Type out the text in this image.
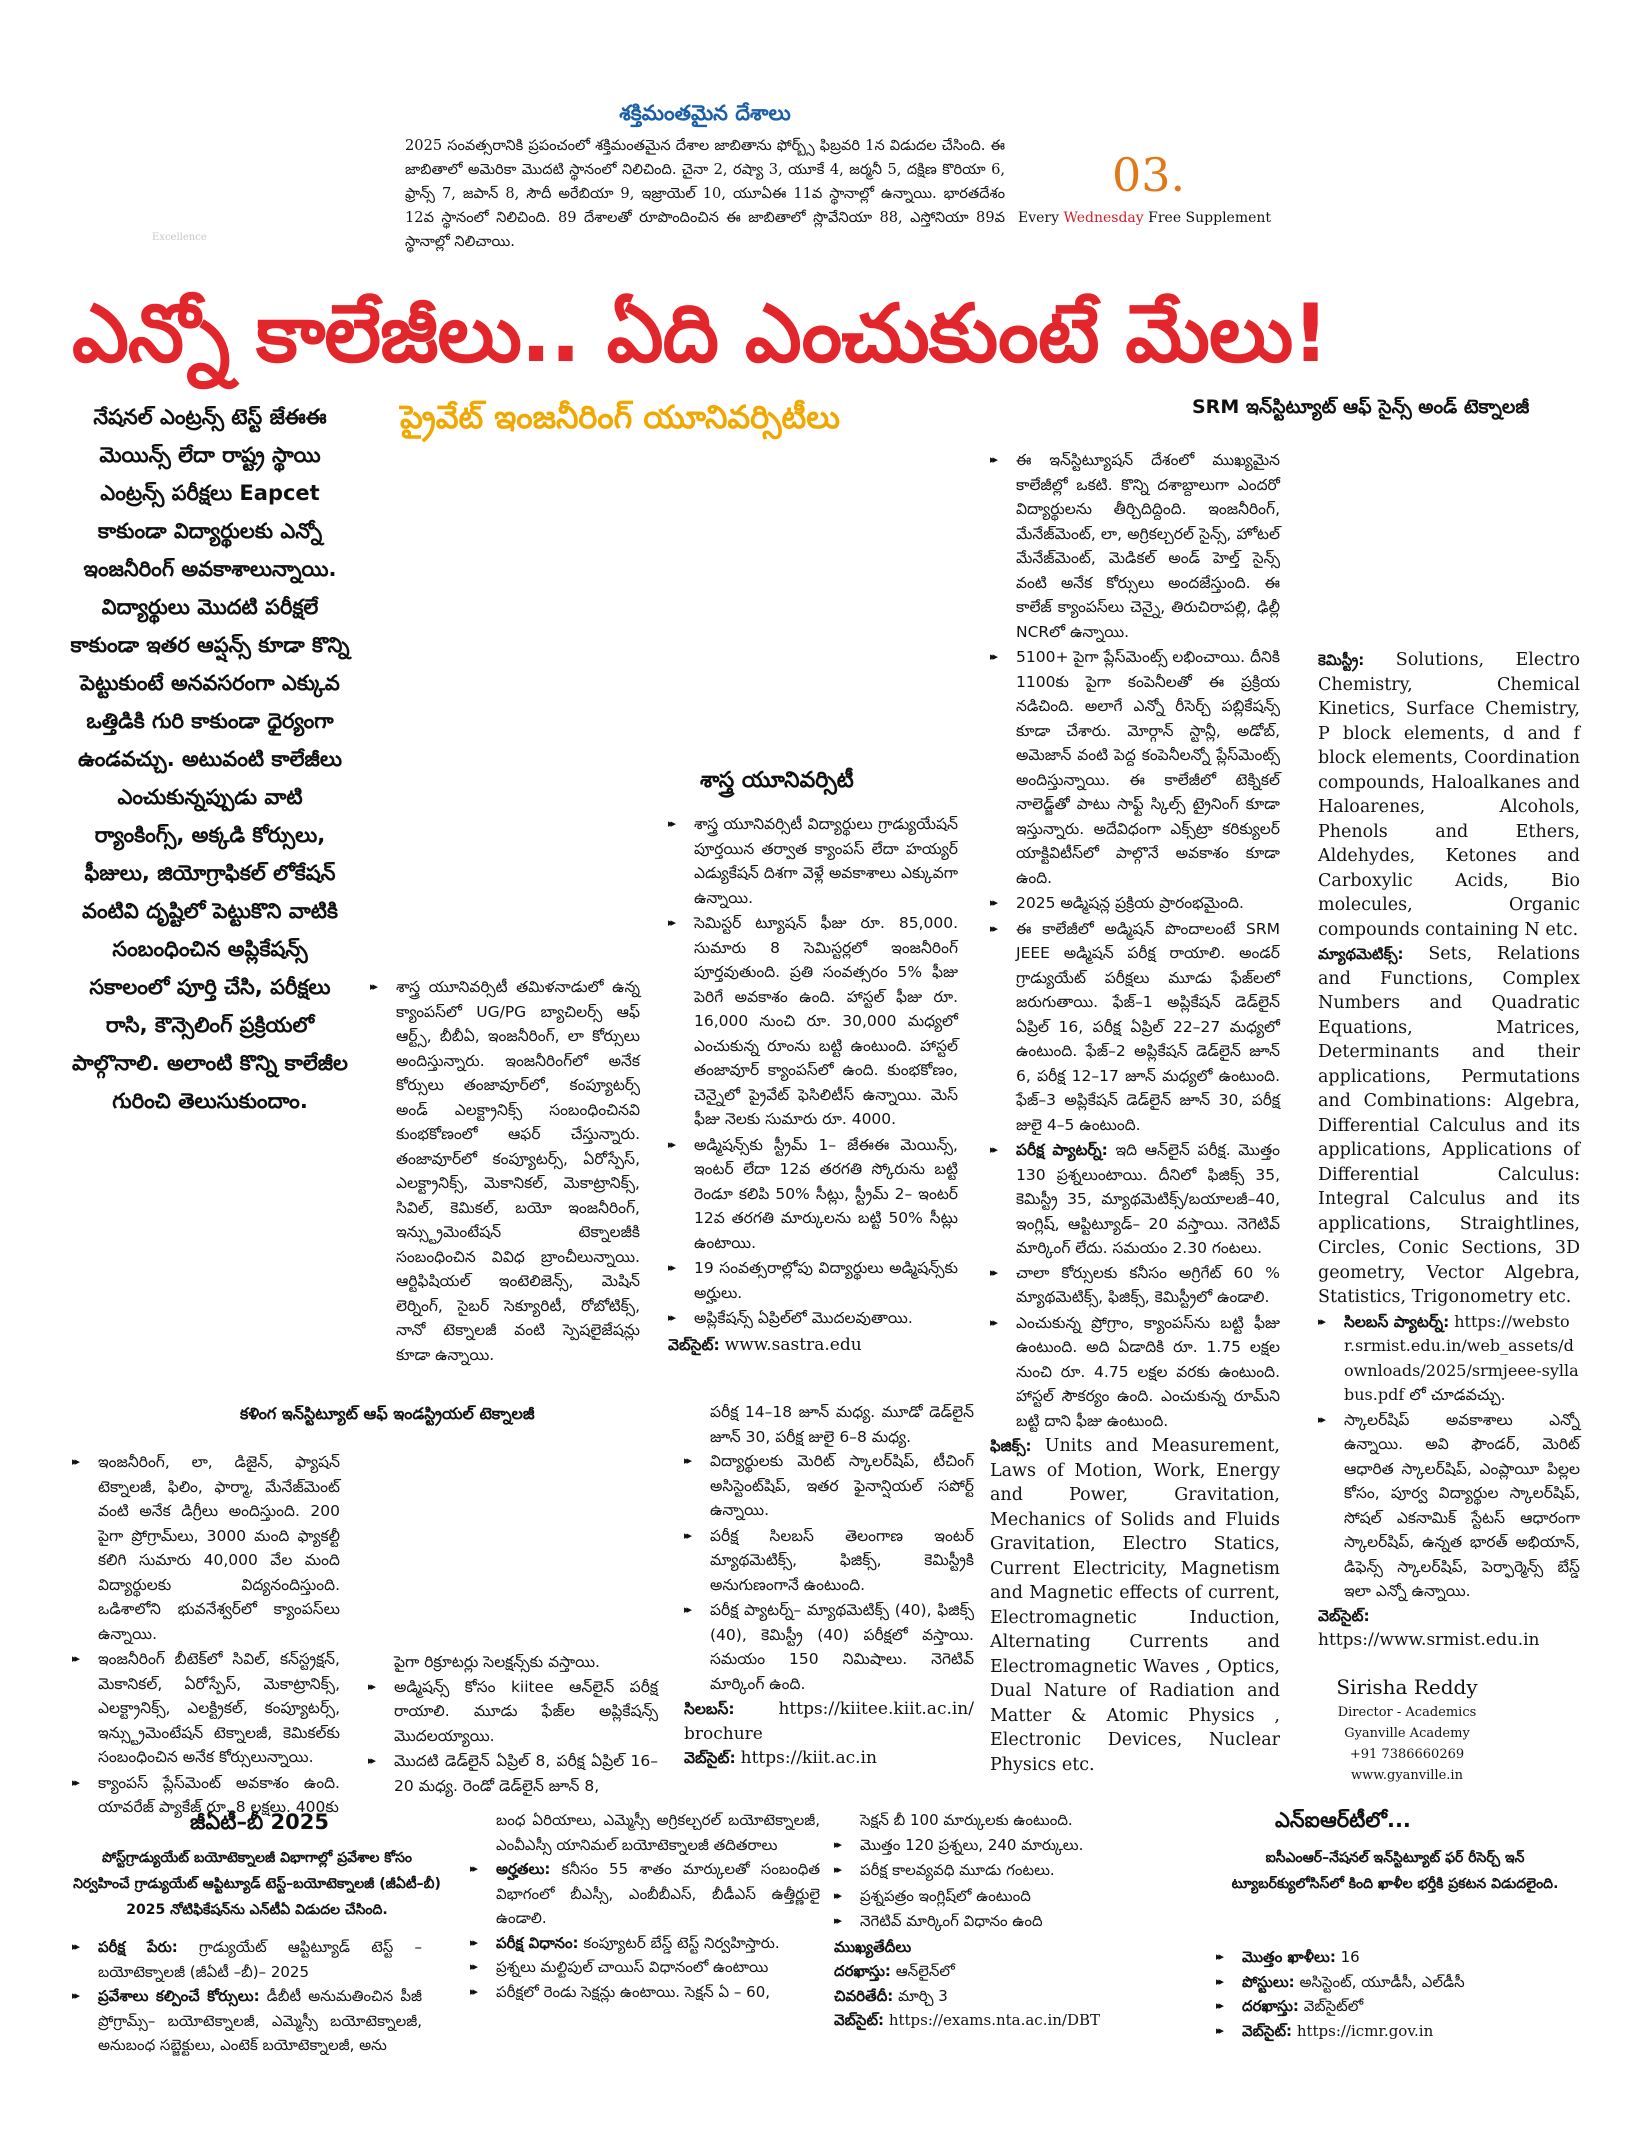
శక్తిమంతమైన దేశాలు
2025 సంవత్సరానికి ప్రపంచంలో శక్తిమంతమైన దేశాల జాబితాను ఫోర్బ్స్ ఫిబ్రవరి 1న విడుదల చేసింది. ఈ జాబితాలో అమెరికా మొదటి స్థానంలో నిలిచింది. చైనా 2, రష్యా 3, యూకే 4, జర్మనీ 5, దక్షిణ కొరియా 6, ఫ్రాన్స్ 7, జపాన్ 8, సౌదీ అరేబియా 9, ఇజ్రాయెల్ 10, యూఏఈ 11వ స్థానాల్లో ఉన్నాయి. భారతదేశం 12వ స్థానంలో నిలిచింది. 89 దేశాలతో రూపొందించిన ఈ జాబితాలో స్లొవేనియా 88, ఎస్తోనియా 89వ స్థానాల్లో నిలిచాయి.
Excellence
03.
Every Wednesday Free Supplement
ఎన్నో కాలేజీలు.. ఏది ఎంచుకుంటే మేలు!
ప్రైవేట్ ఇంజనీరింగ్ యూనివర్సిటీలు	SRM ఇన్‌స్టిట్యూట్ ఆఫ్ సైన్స్ అండ్ టెక్నాలజీ
నేషనల్ ఎంట్రన్స్ టెస్ట్ జేఈఈ మెయిన్స్ లేదా రాష్ట్ర స్థాయి ఎంట్రన్స్ పరీక్షలు Eapcet కాకుండా విద్యార్థులకు ఎన్నో ఇంజనీరింగ్ అవకాశాలున్నాయి. విద్యార్థులు మొదటి పరీక్షలే కాకుండా ఇతర ఆప్షన్స్ కూడా కొన్ని పెట్టుకుంటే అనవసరంగా ఎక్కువ ఒత్తిడికి గురి కాకుండా ధైర్యంగా ఉండవచ్చు. అటువంటి కాలేజీలు ఎంచుకున్నప్పుడు వాటి ర్యాంకింగ్స్, అక్కడి కోర్సులు, ఫీజులు, జియోగ్రాఫికల్ లోకేషన్ వంటివి దృష్టిలో పెట్టుకొని వాటికి సంబంధించిన అప్లికేషన్స్ సకాలంలో పూర్తి చేసి, పరీక్షలు రాసి, కౌన్సెలింగ్ ప్రక్రియలో పాల్గొనాలి. అలాంటి కొన్ని కాలేజీల గురించి తెలుసుకుందాం.
శాస్త్ర యూనివర్సిటీ
▸▸ శాస్త్ర యూనివర్సిటీ తమిళనాడులో ఉన్న క్యాంపస్‌లో UG/PG బ్యాచిలర్స్ ఆఫ్ ఆర్ట్స్, బీబీఏ, ఇంజనీరింగ్, లా కోర్సులు అందిస్తున్నారు. ఇంజనీరింగ్‌లో అనేక కోర్సులు తంజావూర్‌లో, కంప్యూటర్స్ అండ్ ఎలక్ట్రానిక్స్ సంబంధించినవి కుంభకోణంలో ఆఫర్ చేస్తున్నారు. తంజావూర్‌లో కంప్యూటర్స్, ఏరోస్పేస్, ఎలక్ట్రానిక్స్, మెకానికల్, మెకాట్రానిక్స్, సివిల్, కెమికల్, బయో ఇంజనీరింగ్, ఇన్స్ట్రుమెంటేషన్ టెక్నాలజీకి సంబంధించిన వివిధ బ్రాంచీలున్నాయి. ఆర్టిఫిషియల్ ఇంటెలిజెన్స్, మెషిన్ లెర్నింగ్, సైబర్ సెక్యూరిటీ, రోబోటిక్స్, నానో టెక్నాలజీ వంటి స్పెషలైజేషన్లు కూడా ఉన్నాయి.
▸▸ శాస్త్ర యూనివర్సిటీ విద్యార్థులు గ్రాడ్యుయేషన్ పూర్తయిన తర్వాత క్యాంపస్ లేదా హయ్యర్ ఎడ్యుకేషన్ దిశగా వెళ్లే అవకాశాలు ఎక్కువగా ఉన్నాయి.
▸▸ సెమిస్టర్ ట్యూషన్ ఫీజు రూ. 85,000. సుమారు 8 సెమిస్టర్లలో ఇంజనీరింగ్ పూర్తవుతుంది. ప్రతి సంవత్సరం 5% ఫీజు పెరిగే అవకాశం ఉంది. హాస్టల్ ఫీజు రూ. 16,000 నుంచి రూ. 30,000 మధ్యలో ఎంచుకున్న రూంను బట్టి ఉంటుంది. హాస్టల్ తంజావూర్ క్యాంపస్‌లో ఉంది. కుంభకోణం, చెన్నైలో ప్రైవేట్ ఫెసిలిటీస్ ఉన్నాయి. మెస్ ఫీజు నెలకు సుమారు రూ. 4000.
▸▸ అడ్మిషన్స్‌కు స్ట్రీమ్ 1– జేఈఈ మెయిన్స్, ఇంటర్ లేదా 12వ తరగతి స్కోరును బట్టి రెండూ కలిపి 50% సీట్లు, స్ట్రీమ్ 2– ఇంటర్ 12వ తరగతి మార్కులను బట్టి 50% సీట్లు ఉంటాయి.
▸▸ 19 సంవత్సరాల్లోపు విద్యార్థులు అడ్మిషన్స్‌కు అర్హులు.
▸▸ అప్లికేషన్స్ ఏప్రిల్‌లో మొదలవుతాయి.
వెబ్‌సైట్: www.sastra.edu
▸▸ ఈ ఇన్‌స్టిట్యూషన్ దేశంలో ముఖ్యమైన కాలేజీల్లో ఒకటి. కొన్ని దశాబ్దాలుగా ఎందరో విద్యార్థులను తీర్చిదిద్దింది. ఇంజనీరింగ్, మేనేజ్‌మెంట్, లా, అగ్రికల్చరల్ సైన్స్, హోటల్ మేనేజ్‌మెంట్, మెడికల్ అండ్ హెల్త్ సైన్స్ వంటి అనేక కోర్సులు అందజేస్తుంది. ఈ కాలేజ్ క్యాంపస్‌లు చెన్నై, తిరుచిరాపల్లి, ఢిల్లీ NCRలో ఉన్నాయి.
▸▸ 5100+ పైగా ప్లేస్‌మెంట్స్ లభించాయి. దీనికి 1100కు పైగా కంపెనీలతో ఈ ప్రక్రియ నడిచింది. అలాగే ఎన్నో రీసెర్చ్ పబ్లికేషన్స్ కూడా చేశారు. మోర్గాన్ స్టాన్లీ, అడోబ్, అమెజాన్ వంటి పెద్ద కంపెనీలన్నో ప్లేస్‌మెంట్స్ అందిస్తున్నాయి. ఈ కాలేజీలో టెక్నికల్ నాలెడ్జ్‌తో పాటు సాఫ్ట్ స్కిల్స్ ట్రైనింగ్ కూడా ఇస్తున్నారు. అదేవిధంగా ఎక్స్‌ట్రా కరిక్యులర్ యాక్టివిటీస్‌లో పాల్గొనే అవకాశం కూడా ఉంది.
▸▸ 2025 అడ్మిషన్ల ప్రక్రియ ప్రారంభమైంది.
▸▸ ఈ కాలేజీలో అడ్మిషన్ పొందాలంటే SRM JEEE అడ్మిషన్ పరీక్ష రాయాలి. అండర్ గ్రాడ్యుయేట్ పరీక్షలు మూడు ఫేజ్‌లలో జరుగుతాయి. ఫేజ్–1 అప్లికేషన్ డెడ్‌లైన్ ఏప్రిల్ 16, పరీక్ష ఏప్రిల్ 22–27 మధ్యలో ఉంటుంది. ఫేజ్–2 అప్లికేషన్ డెడ్‌లైన్ జూన్ 6, పరీక్ష 12–17 జూన్ మధ్యలో ఉంటుంది. ఫేజ్–3 అప్లికేషన్ డెడ్‌లైన్ జూన్ 30, పరీక్ష జులై 4–5 ఉంటుంది.
▸▸ పరీక్ష ప్యాటర్న్: ఇది ఆన్‌లైన్ పరీక్ష. మొత్తం 130 ప్రశ్నలుంటాయి. దీనిలో ఫిజిక్స్ 35, కెమిస్ట్రీ 35, మ్యాథమెటిక్స్/బయాలజీ–40, ఇంగ్లిష్, ఆప్టిట్యూడ్– 20 వస్తాయి. నెగెటివ్ మార్కింగ్ లేదు. సమయం 2.30 గంటలు.
▸▸ చాలా కోర్సులకు కనీసం అగ్రిగేట్ 60 % మ్యాథమెటిక్స్, ఫిజిక్స్, కెమిస్ట్రీలో ఉండాలి.
▸▸ ఎంచుకున్న ప్రోగ్రాం, క్యాంపస్‌ను బట్టి ఫీజు ఉంటుంది. అది ఏడాదికి రూ. 1.75 లక్షల నుంచి రూ. 4.75 లక్షల వరకు ఉంటుంది. హాస్టల్ సౌకర్యం ఉంది. ఎంచుకున్న రూమ్‌ని బట్టి దాని ఫీజు ఉంటుంది.
ఫిజిక్స్: Units and Measurement, Laws of Motion, Work, Energy and Power, Gravitation, Mechanics of Solids and Fluids Gravitation, Electro Statics, Current Electricity, Magnetism and Magnetic effects of current, Electromagnetic Induction, Alternating Currents and Electromagnetic Waves , Optics, Dual Nature of Radiation and Matter & Atomic Physics , Electronic Devices, Nuclear Physics etc.
కెమిస్ట్రీ: Solutions, Electro Chemistry, Chemical Kinetics, Surface Chemistry, P block elements, d and f block elements, Coordination compounds, Haloalkanes and Haloarenes, Alcohols, Phenols and Ethers, Aldehydes, Ketones and Carboxylic Acids, Bio molecules, Organic compounds containing N etc.
మ్యాథమెటిక్స్: Sets, Relations and Functions, Complex Numbers and Quadratic Equations, Matrices, Determinants and their applications, Permutations and Combinations: Algebra, Differential Calculus and its applications, Applications of Differential Calculus: Integral Calculus and its applications, Straightlines, Circles, Conic Sections, 3D geometry, Vector Algebra, Statistics, Trigonometry etc.
▸▸ సిలబస్ ప్యాటర్న్: https://webstor.srmist.edu.in/web_assets/downloads/2025/srmjeee-syllabus.pdf లో చూడవచ్చు.
▸▸ స్కాలర్‌షిప్ అవకాశాలు ఎన్నో ఉన్నాయి. అవి ఫౌండర్, మెరిట్ ఆధారిత స్కాలర్‌షిప్, ఎంప్లాయీ పిల్లల కోసం, పూర్వ విద్యార్థుల స్కాలర్‌షిప్, సోషల్ ఎకనామిక్ స్టేటస్ ఆధారంగా స్కాలర్‌షిప్, ఉన్నత భారత్ అభియాన్, డిఫెన్స్ స్కాలర్‌షిప్, పెర్ఫార్మెన్స్ బేస్డ్ ఇలా ఎన్నో ఉన్నాయి.
వెబ్‌సైట్: https://www.srmist.edu.in
Sirisha Reddy
Director - Academics
Gyanville Academy
+91 7386660269
www.gyanville.in
కళింగ ఇన్‌స్టిట్యూట్ ఆఫ్ ఇండస్ట్రియల్ టెక్నాలజీ
▸▸ ఇంజనీరింగ్, లా, డిజైన్, ఫ్యాషన్ టెక్నాలజీ, ఫిలిం, ఫార్మా, మేనేజ్‌మెంట్ వంటి అనేక డిగ్రీలు అందిస్తుంది. 200 పైగా ప్రోగ్రామ్‌లు, 3000 మంది ఫ్యాకల్టీ కలిగి సుమారు 40,000 వేల మంది విద్యార్థులకు విద్యనందిస్తుంది. ఒడిశాలోని భువనేశ్వర్‌లో క్యాంపస్‌లు ఉన్నాయి.
▸▸ ఇంజనీరింగ్ బీటెక్‌లో సివిల్, కన్‌స్ట్రక్షన్, మెకానికల్, ఏరోస్పేస్, మెకాట్రానిక్స్, ఎలక్ట్రానిక్స్, ఎలక్ట్రికల్, కంప్యూటర్స్, ఇన్స్ట్రుమెంటేషన్ టెక్నాలజీ, కెమికల్‌కు సంబంధించిన అనేక కోర్సులున్నాయి.
▸▸ క్యాంపస్ ప్లేస్‌మెంట్ అవకాశం ఉంది. యావరేజ్ ప్యాకేజ్ రూ. 8 లక్షలు. 400కు
పైగా రిక్రూటర్లు సెలక్షన్స్‌కు వస్తాయి.
▸▸ అడ్మిషన్స్ కోసం kiitee ఆన్‌లైన్ పరీక్ష రాయాలి. మూడు ఫేజ్‌ల అప్లికేషన్స్ మొదలయ్యాయి.
▸▸ మొదటి డెడ్‌లైన్ ఏప్రిల్ 8, పరీక్ష ఏప్రిల్ 16–20 మధ్య. రెండో డెడ్‌లైన్ జూన్ 8,
పరీక్ష 14–18 జూన్ మధ్య. మూడో డెడ్‌లైన్ జూన్ 30, పరీక్ష జులై 6–8 మధ్య.
▸▸ విద్యార్థులకు మెరిట్ స్కాలర్‌షిప్, టీచింగ్ అసిస్టెంట్‌షిప్, ఇతర ఫైనాన్షియల్ సపోర్ట్ ఉన్నాయి.
▸▸ పరీక్ష సిలబస్ తెలంగాణ ఇంటర్ మ్యాథమెటిక్స్, ఫిజిక్స్, కెమిస్ట్రీకి అనుగుణంగానే ఉంటుంది.
▸▸ పరీక్ష ప్యాటర్న్– మ్యాథమెటిక్స్ (40), ఫిజిక్స్ (40), కెమిస్ట్రీ (40) పరీక్షలో వస్తాయి. సమయం 150 నిమిషాలు. నెగెటివ్ మార్కింగ్ ఉంది.
సిలబస్:	https://kiitee.kiit.ac.in/ brochure
వెబ్‌సైట్: https://kiit.ac.in
జీఏటీ–బీ 2025
పోస్ట్‌గ్రాడ్యుయేట్ బయోటెక్నాలజీ విభాగాల్లో ప్రవేశాల కోసం నిర్వహించే గ్రాడ్యుయేట్ ఆప్టిట్యూడ్ టెస్ట్–బయోటెక్నాలజీ (జీఏటీ–బీ) 2025 నోటిఫికేషన్‌ను ఎన్‌టీఏ విడుదల చేసింది.
▸▸ పరీక్ష పేరు: గ్రాడ్యుయేట్ ఆప్టిట్యూడ్ టెస్ట్ – బయోటెక్నాలజీ (జీఏటీ –బీ)– 2025
▸▸ ప్రవేశాలు కల్పించే కోర్సులు: డీబీటీ అనుమతించిన పీజీ ప్రోగ్రామ్స్– బయోటెక్నాలజీ, ఎమ్మెస్సీ బయోటెక్నాలజీ, అనుబంధ సబ్జెక్టులు, ఎంటెక్ బయోటెక్నాలజీ, అను
బంధ ఏరియాలు, ఎమ్మెస్సీ అగ్రికల్చరల్ బయోటెక్నాలజీ, ఎంవీఎస్సీ యానిమల్ బయోటెక్నాలజీ తదితరాలు
▸▸ అర్హతలు: కనీసం 55 శాతం మార్కులతో సంబంధిత విభాగంలో బీఎస్సీ, ఎంబీబీఎస్, బీడీఎస్ ఉత్తీర్ణులై ఉండాలి.
▸▸ పరీక్ష విధానం: కంప్యూటర్ బేస్డ్ టెస్ట్ నిర్వహిస్తారు.
▸▸ ప్రశ్నలు మల్టిపుల్ చాయిస్ విధానంలో ఉంటాయి
▸▸ పరీక్షలో రెండు సెక్షన్లు ఉంటాయి. సెక్షన్ ఏ – 60,
సెక్షన్ బీ 100 మార్కులకు ఉంటుంది.
▸▸ మొత్తం 120 ప్రశ్నలు, 240 మార్కులు.
▸▸ పరీక్ష కాలవ్యవధి మూడు గంటలు.
▸▸ ప్రశ్నపత్రం ఇంగ్లిష్‌లో ఉంటుంది
▸▸ నెగెటివ్ మార్కింగ్ విధానం ఉంది
ముఖ్యతేదీలు
దరఖాస్తు: ఆన్‌లైన్‌లో
చివరితేదీ: మార్చి 3
వెబ్‌సైట్: https://exams.nta.ac.in/DBT
ఎన్‌ఐఆర్‌టీలో...
ఐసీఎంఆర్–నేషనల్ ఇన్‌స్టిట్యూట్ ఫర్ రీసెర్చ్ ఇన్ ట్యూబర్‌క్యులోసిస్‌లో కింది ఖాళీల భర్తీకి ప్రకటన విడుదలైంది.
▸▸ మొత్తం ఖాళీలు: 16
▸▸ పోస్టులు: అసిస్టెంట్, యూడీసీ, ఎల్‌డీసీ
▸▸ దరఖాస్తు: వెబ్‌సైట్‌లో
▸▸ వెబ్‌సైట్: https://icmr.gov.in
